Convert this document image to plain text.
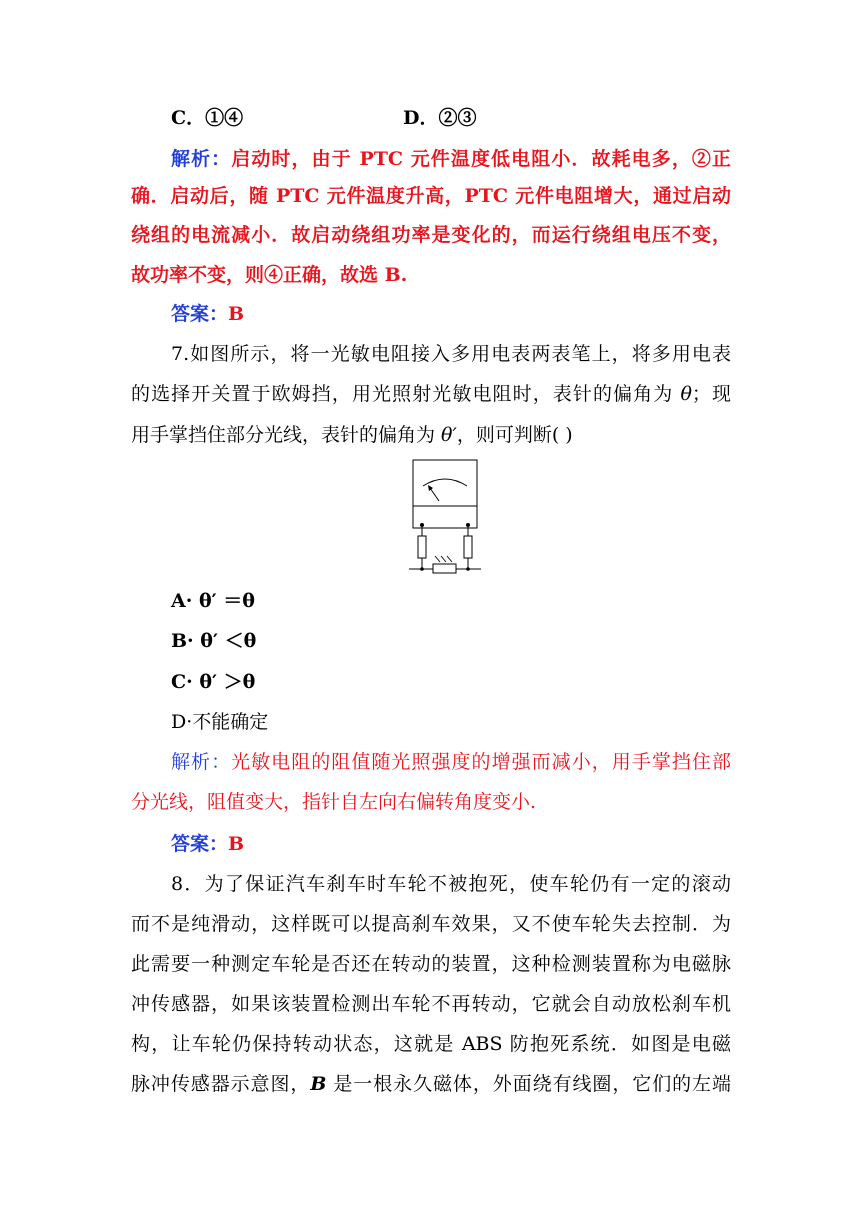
C．①④	D．②③
解析：启动时，由于 PTC 元件温度低电阻小．故耗电多，②正
确．启动后，随 PTC 元件温度升高，PTC 元件电阻增大，通过启动
绕组的电流减小．故启动绕组功率是变化的，而运行绕组电压不变，
故功率不变，则④正确，故选 B.
答案：B
7.如图所示，将一光敏电阻接入多用电表两表笔上，将多用电表
的选择开关置于欧姆挡，用光照射光敏电阻时，表针的偏角为 θ；现
用手掌挡住部分光线，表针的偏角为 θ′，则可判断( )
A· θ′ ＝θ
B· θ′ ＜θ
C· θ′ ＞θ
D·不能确定
解析：光敏电阻的阻值随光照强度的增强而减小，用手掌挡住部
分光线，阻值变大，指针自左向右偏转角度变小.
答案：B
8．为了保证汽车刹车时车轮不被抱死，使车轮仍有一定的滚动
而不是纯滑动，这样既可以提高刹车效果，又不使车轮失去控制．为
此需要一种测定车轮是否还在转动的装置，这种检测装置称为电磁脉
冲传感器，如果该装置检测出车轮不再转动，它就会自动放松刹车机
构，让车轮仍保持转动状态，这就是 ABS 防抱死系统．如图是电磁
脉冲传感器示意图，B 是一根永久磁体，外面绕有线圈，它们的左端
